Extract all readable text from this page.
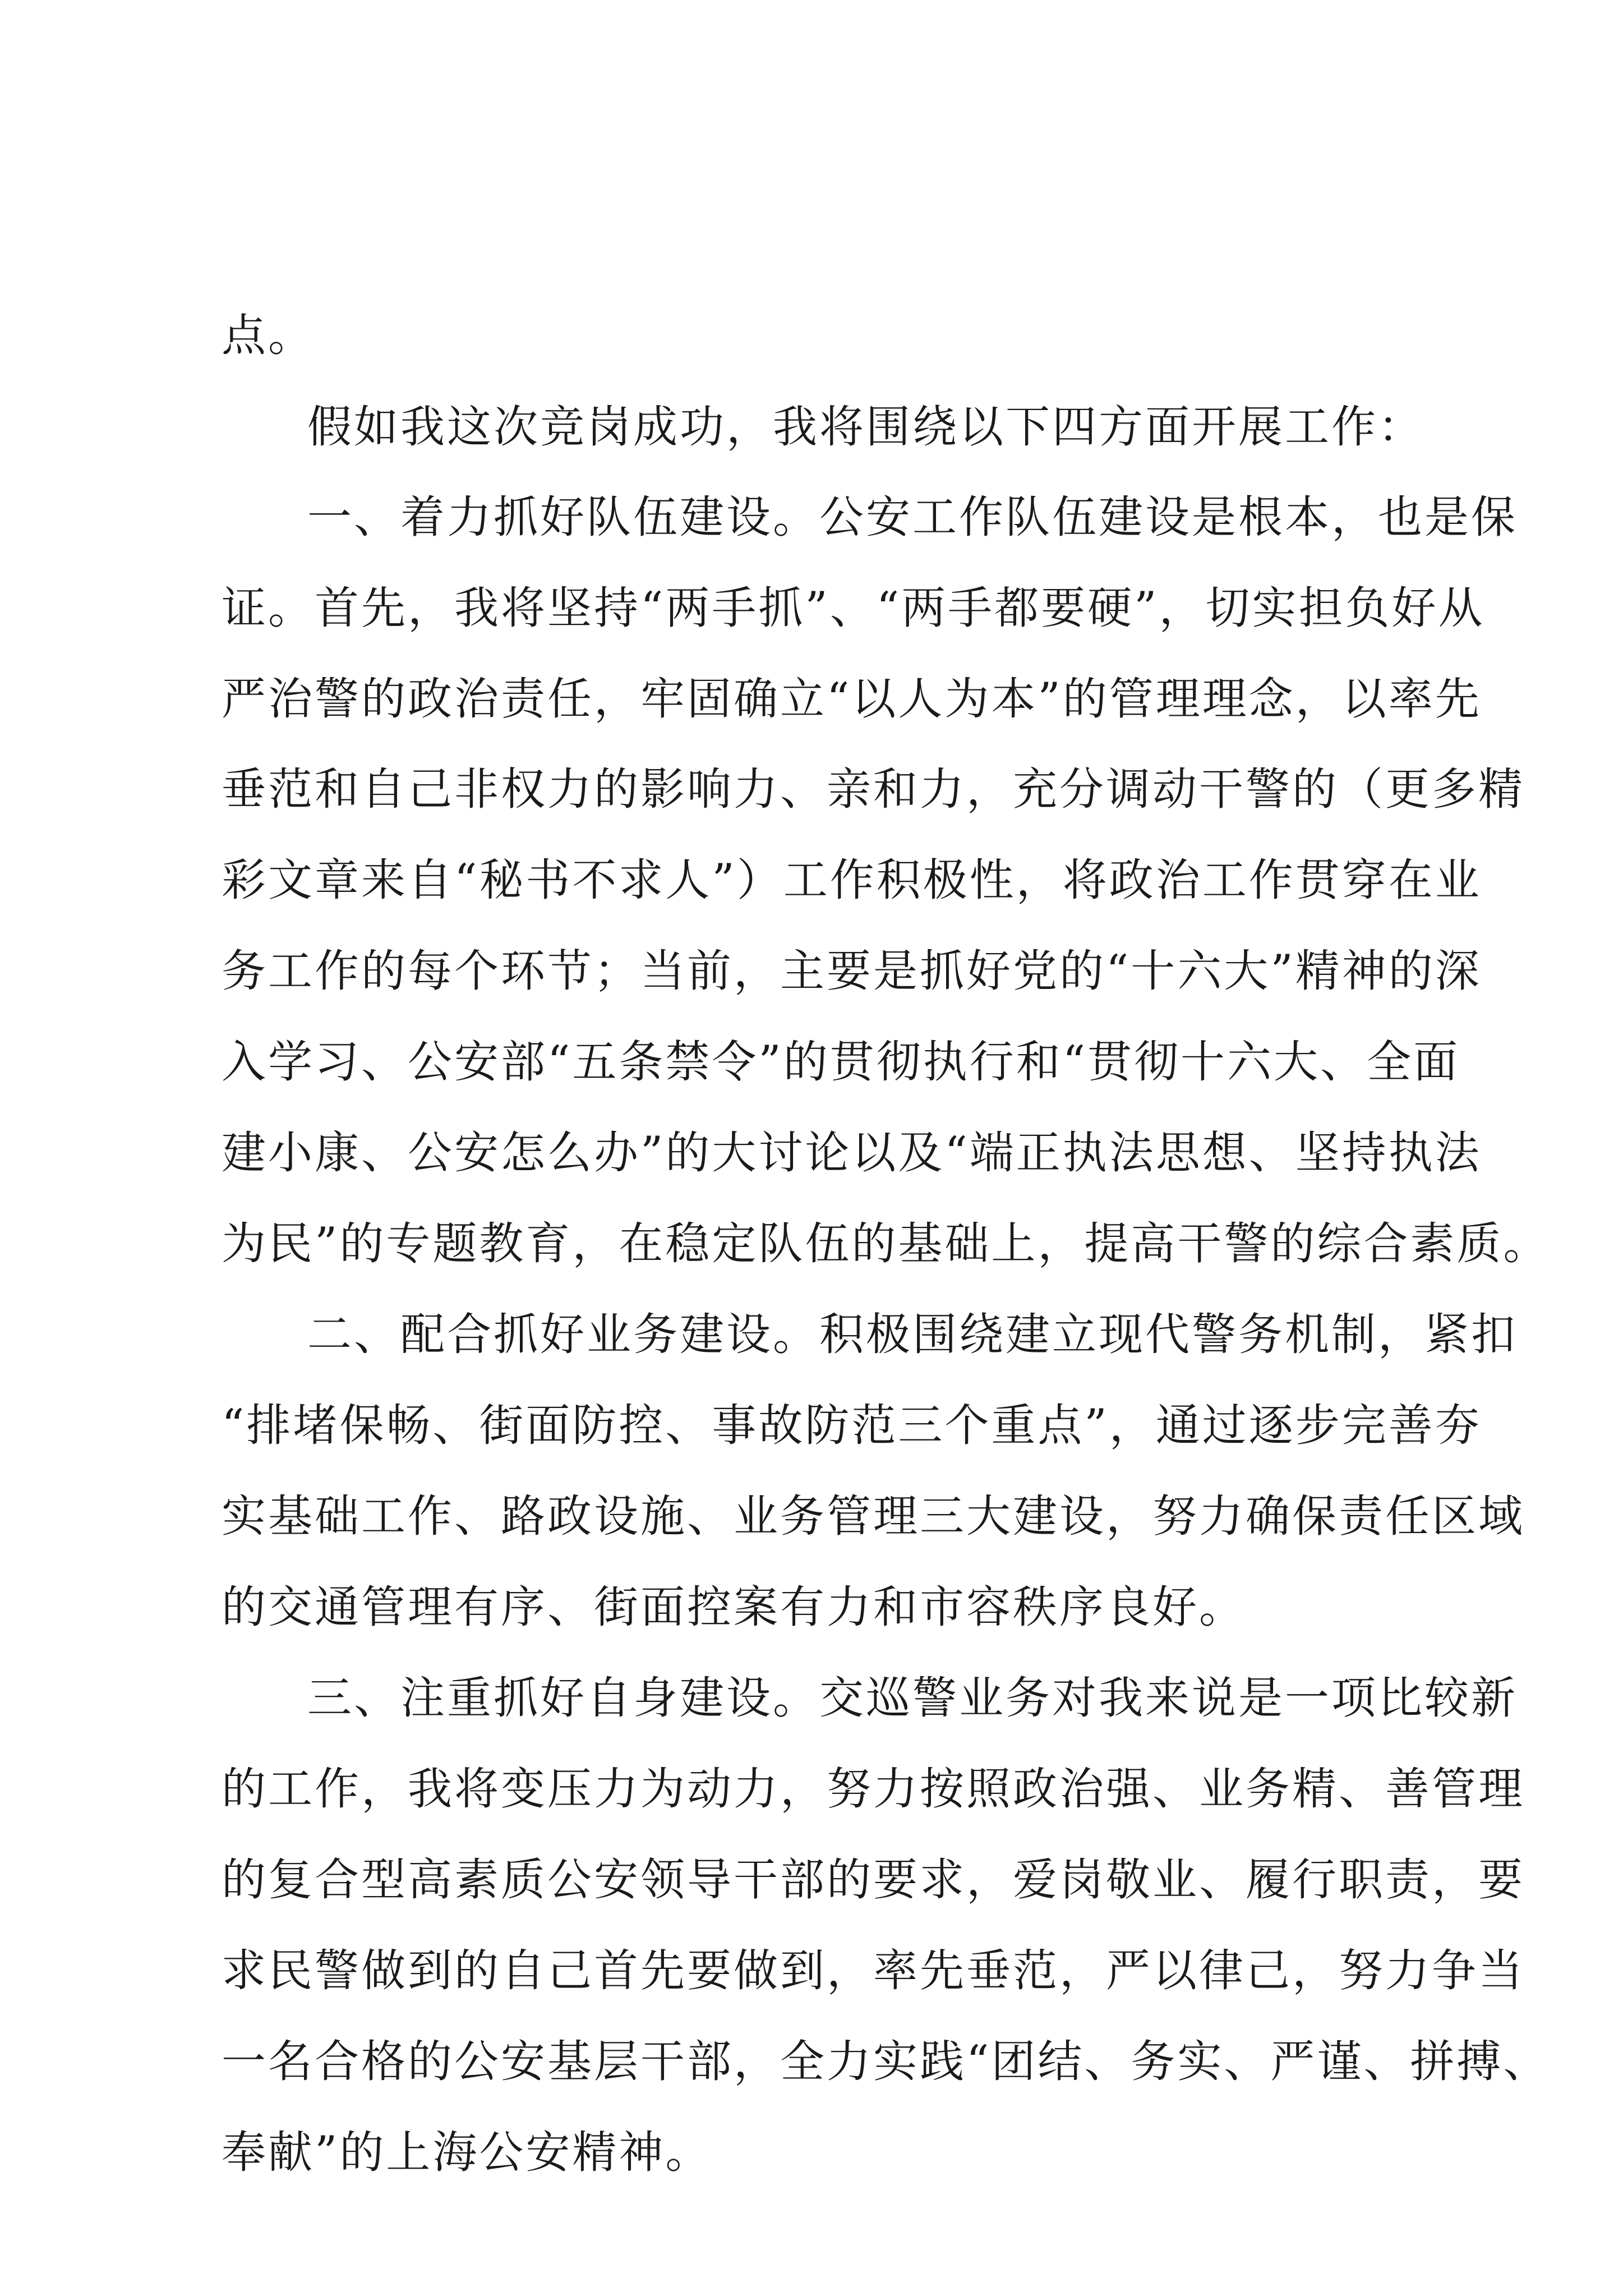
点。
假如我这次竞岗成功，我将围绕以下四方面开展工作：
一、着力抓好队伍建设。公安工作队伍建设是根本，也是保
证。首先，我将坚持“两手抓”、“两手都要硬”，切实担负好从
严治警的政治责任，牢固确立“以人为本”的管理理念，以率先
垂范和自己非权力的影响力、亲和力，充分调动干警的（更多精
彩文章来自“秘书不求人”）工作积极性，将政治工作贯穿在业
务工作的每个环节；当前，主要是抓好党的“十六大”精神的深
入学习、公安部“五条禁令”的贯彻执行和“贯彻十六大、全面
建小康、公安怎么办”的大讨论以及“端正执法思想、坚持执法
为民”的专题教育，在稳定队伍的基础上，提高干警的综合素质。
二、配合抓好业务建设。积极围绕建立现代警务机制，紧扣
“排堵保畅、街面防控、事故防范三个重点”，通过逐步完善夯
实基础工作、路政设施、业务管理三大建设，努力确保责任区域
的交通管理有序、街面控案有力和市容秩序良好。
三、注重抓好自身建设。交巡警业务对我来说是一项比较新
的工作，我将变压力为动力，努力按照政治强、业务精、善管理
的复合型高素质公安领导干部的要求，爱岗敬业、履行职责，要
求民警做到的自己首先要做到，率先垂范，严以律己，努力争当
一名合格的公安基层干部，全力实践“团结、务实、严谨、拼搏、
奉献”的上海公安精神。
